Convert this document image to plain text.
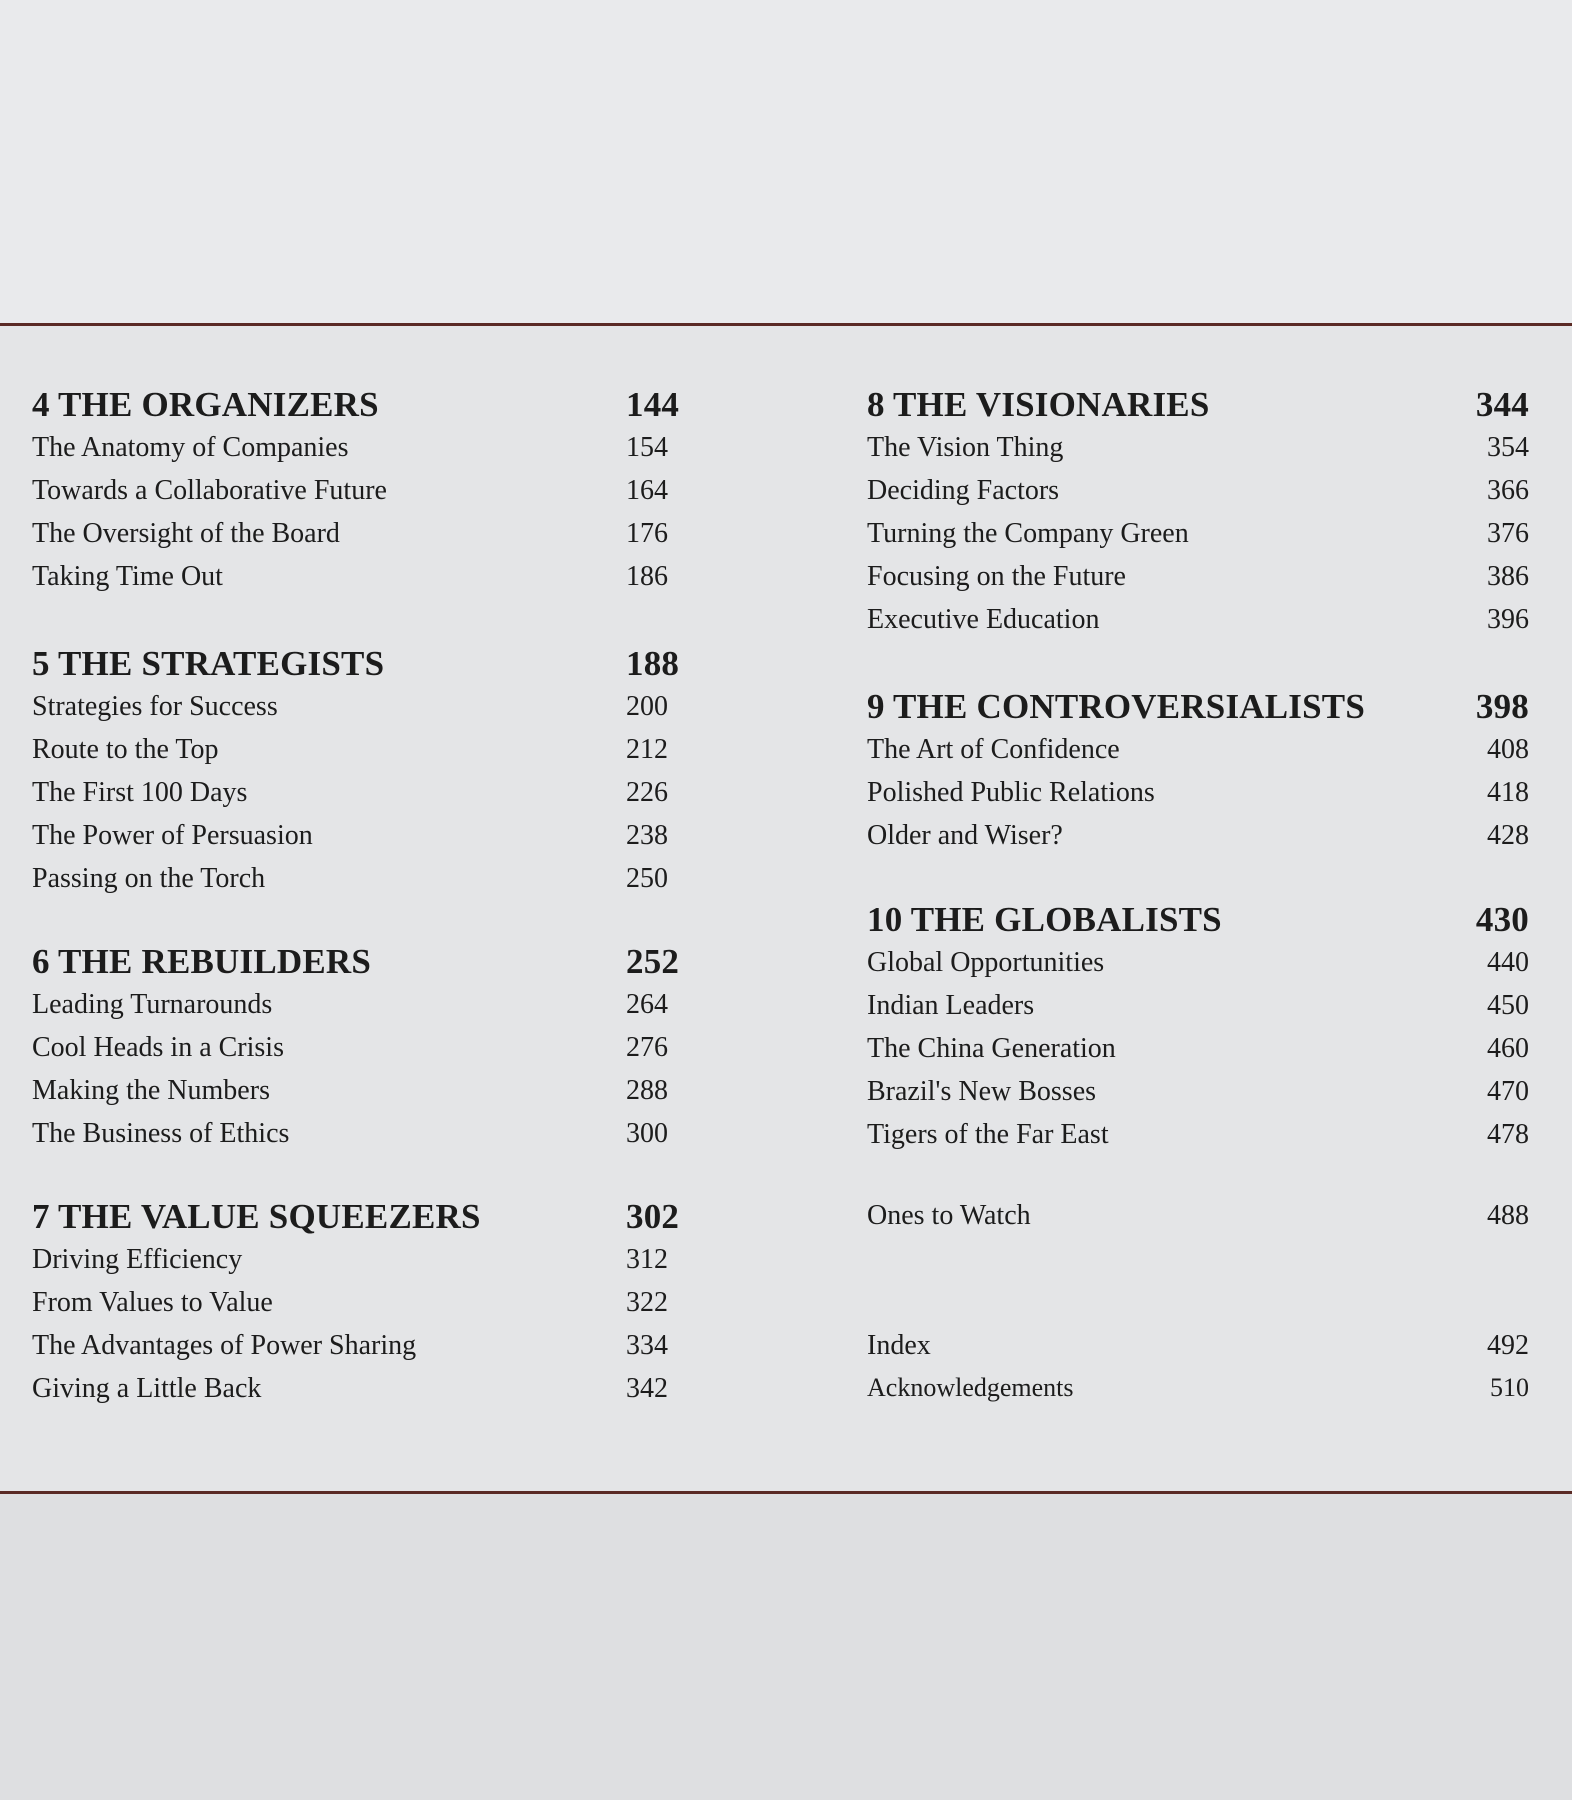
4 THE ORGANIZERS	144
The Anatomy of Companies	154
Towards a Collaborative Future	164
The Oversight of the Board	176
Taking Time Out	186
5 THE STRATEGISTS	188
Strategies for Success	200
Route to the Top	212
The First 100 Days	226
The Power of Persuasion	238
Passing on the Torch	250
6 THE REBUILDERS	252
Leading Turnarounds	264
Cool Heads in a Crisis	276
Making the Numbers	288
The Business of Ethics	300
7 THE VALUE SQUEEZERS	302
Driving Efficiency	312
From Values to Value	322
The Advantages of Power Sharing	334
Giving a Little Back	342
8 THE VISIONARIES	344
The Vision Thing	354
Deciding Factors	366
Turning the Company Green	376
Focusing on the Future	386
Executive Education	396
9 THE CONTROVERSIALISTS	398
The Art of Confidence	408
Polished Public Relations	418
Older and Wiser?	428
10 THE GLOBALISTS	430
Global Opportunities	440
Indian Leaders	450
The China Generation	460
Brazil's New Bosses	470
Tigers of the Far East	478
Ones to Watch	488
Index	492
Acknowledgements	510
